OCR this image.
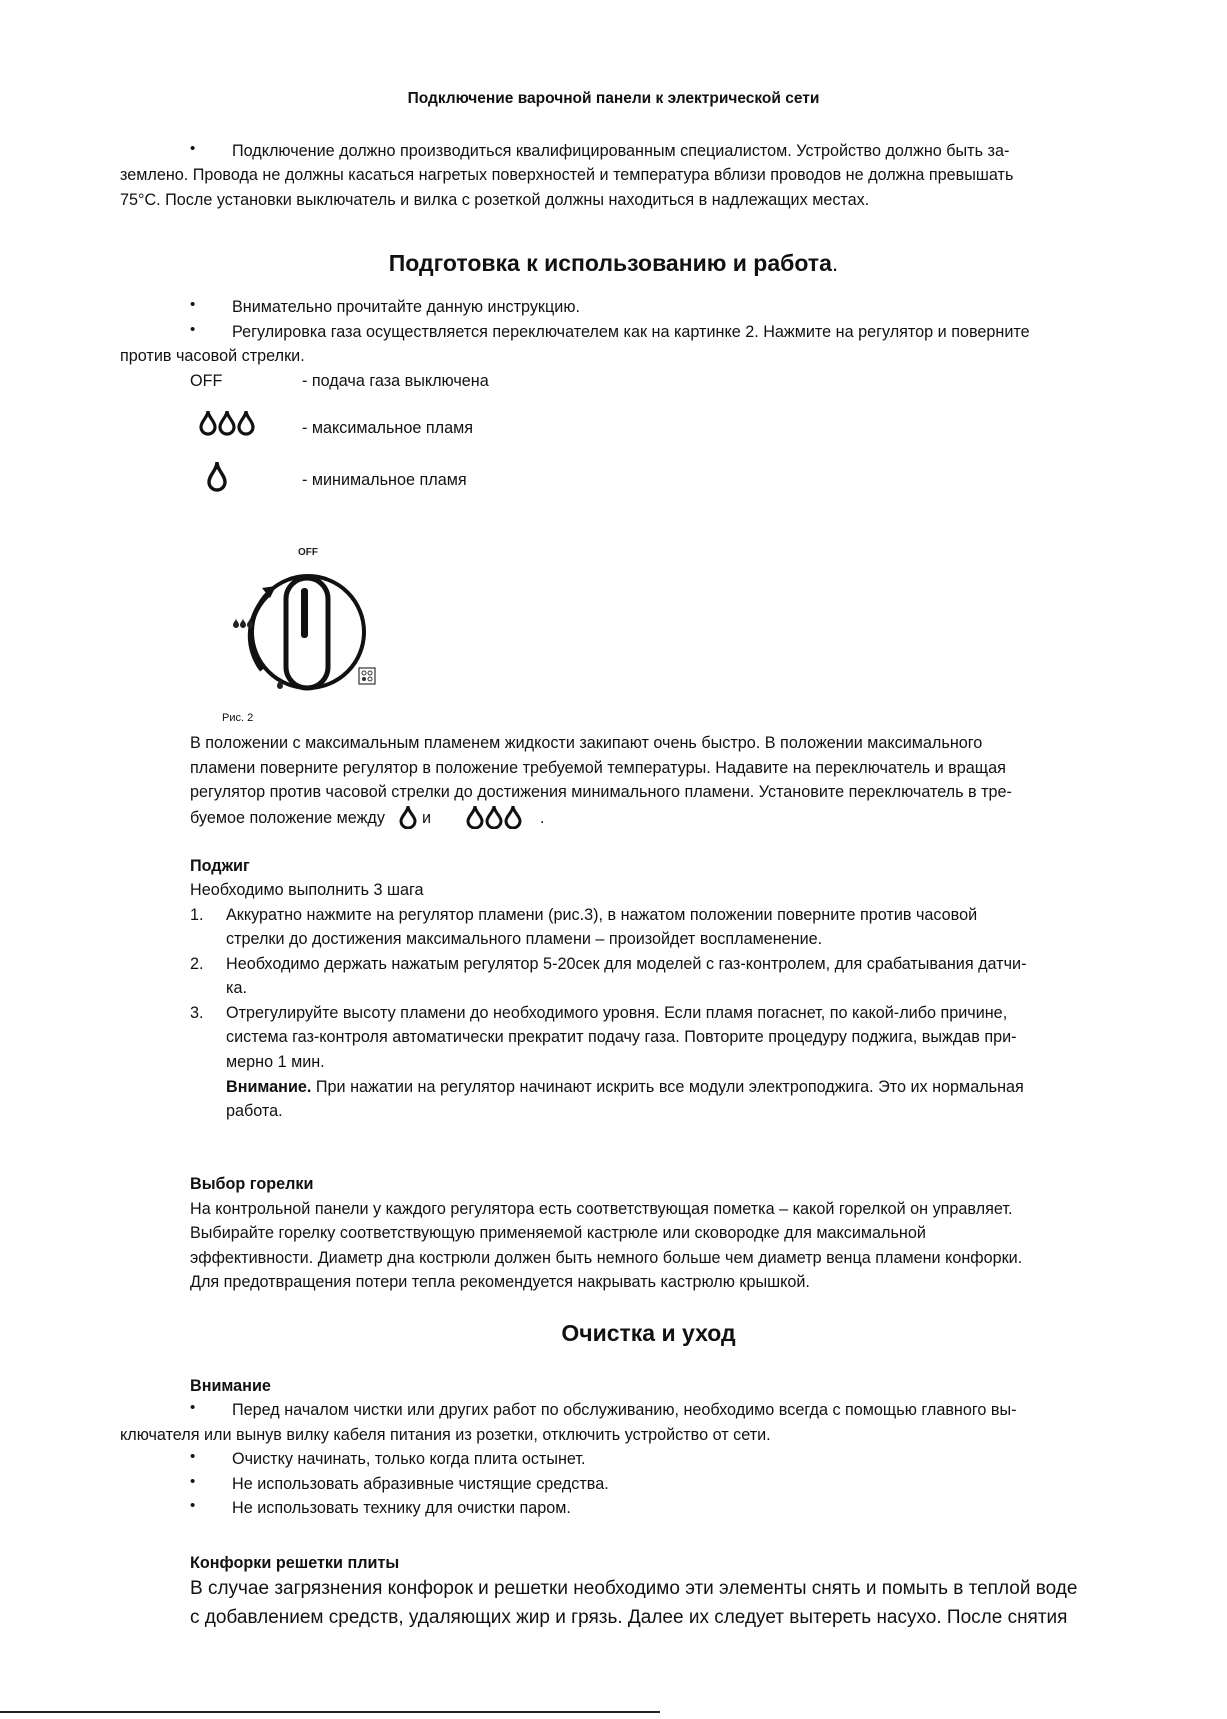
Подключение варочной панели к электрической сети
• Подключение должно производиться квалифицированным специалистом. Устройство должно быть за-
землено. Провода не должны касаться нагретых поверхностей и температура вблизи проводов не должна превышать
75°С. После установки выключатель и вилка с розеткой должны находиться в надлежащих местах.
Подготовка к использованию и работа.
• Внимательно прочитайте данную инструкцию.
• Регулировка газа осуществляется переключателем как на картинке 2. Нажмите на регулятор и поверните
против часовой стрелки.
OFF	- подача газа выключена
- максимальное пламя
- минимальное пламя
OFF
Рис. 2
В положении с максимальным пламенем жидкости закипают очень быстро. В положении максимального
пламени поверните регулятор в положение требуемой температуры. Надавите на переключатель и вращая
регулятор против часовой стрелки до достижения минимального пламени. Установите переключатель в тре-
буемое положение между и	.
Поджиг
Необходимо выполнить 3 шага
1. Аккуратно нажмите на регулятор пламени (рис.3), в нажатом положении поверните против часовой
стрелки до достижения максимального пламени – произойдет воспламенение.
2. Необходимо держать нажатым регулятор 5-20сек для моделей с газ-контролем, для срабатывания датчи-
ка.
3. Отрегулируйте высоту пламени до необходимого уровня. Если пламя погаснет, по какой-либо причине,
система газ-контроля автоматически прекратит подачу газа. Повторите процедуру поджига, выждав при-
мерно 1 мин.
Внимание. При нажатии на регулятор начинают искрить все модули электроподжига. Это их нормальная
работа.
Выбор горелки
На контрольной панели у каждого регулятора есть соответствующая пометка – какой горелкой он управляет.
Выбирайте горелку соответствующую применяемой кастрюле или сковородке для максимальной
эффективности. Диаметр дна кострюли должен быть немного больше чем диаметр венца пламени конфорки.
Для предотвращения потери тепла рекомендуется накрывать кастрюлю крышкой.
Очистка и уход
Внимание
• Перед началом чистки или других работ по обслуживанию, необходимо всегда с помощью главного вы-
ключателя или вынув вилку кабеля питания из розетки, отключить устройство от сети.
• Очистку начинать, только когда плита остынет.
• Не использовать абразивные чистящие средства.
• Не использовать технику для очистки паром.
Конфорки решетки плиты
В случае загрязнения конфорок и решетки необходимо эти элементы снять и помыть в теплой воде
с добавлением средств, удаляющих жир и грязь. Далее их следует вытереть насухо. После снятия
